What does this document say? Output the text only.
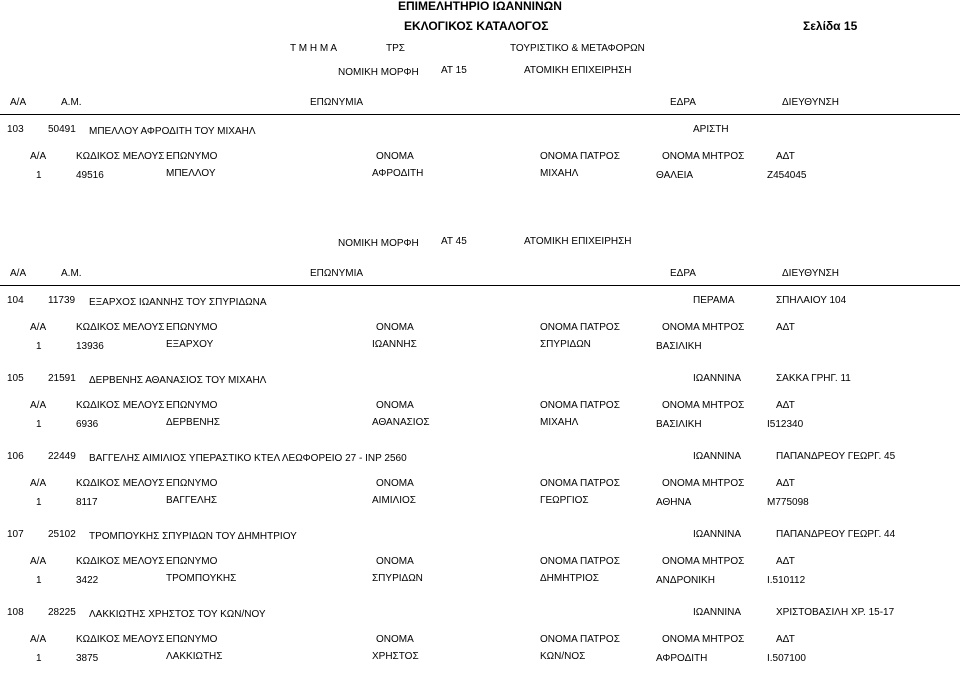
ΕΠΙΜΕΛΗΤΗΡΙΟ ΙΩΑΝΝΙΝΩΝ
ΕΚΛΟΓΙΚΟΣ ΚΑΤΑΛΟΓΟΣ	Σελίδα 15
Τ Μ Η Μ Α	ΤΡΣ	ΤΟΥΡΙΣΤΙΚΟ & ΜΕΤΑΦΟΡΩΝ
ΝΟΜΙΚΗ ΜΟΡΦΗ ΑΤ 15	ΑΤΟΜΙΚΗ ΕΠΙΧΕΙΡΗΣΗ
Α/Α	Α.Μ.	ΕΠΩΝΥΜΙΑ	ΕΔΡΑ	ΔΙΕΥΘΥΝΣΗ
103 50491 ΜΠΕΛΛΟΥ ΑΦΡΟΔΙΤΗ ΤΟΥ ΜΙΧΑΗΛ	ΑΡΙΣΤΗ
Α/Α	ΚΩΔΙΚΟΣ ΜΕΛΟΥΣ ΕΠΩΝΥΜΟ	ΟΝΟΜΑ	ΟΝΟΜΑ ΠΑΤΡΟΣ	ΟΝΟΜΑ ΜΗΤΡΟΣ	ΑΔΤ
1	49516	ΜΠΕΛΛΟΥ	ΑΦΡΟΔΙΤΗ	ΜΙΧΑΗΛ	ΘΑΛΕΙΑ	Ζ454045
ΝΟΜΙΚΗ ΜΟΡΦΗ ΑΤ 45	ΑΤΟΜΙΚΗ ΕΠΙΧΕΙΡΗΣΗ
Α/Α	Α.Μ.	ΕΠΩΝΥΜΙΑ	ΕΔΡΑ	ΔΙΕΥΘΥΝΣΗ
104 11739 ΕΞΑΡΧΟΣ ΙΩΑΝΝΗΣ ΤΟΥ ΣΠΥΡΙΔΩΝΑ	ΠΕΡΑΜΑ	ΣΠΗΛΑΙΟΥ 104
Α/Α	ΚΩΔΙΚΟΣ ΜΕΛΟΥΣ ΕΠΩΝΥΜΟ	ΟΝΟΜΑ	ΟΝΟΜΑ ΠΑΤΡΟΣ	ΟΝΟΜΑ ΜΗΤΡΟΣ	ΑΔΤ
1	13936	ΕΞΑΡΧΟΥ	ΙΩΑΝΝΗΣ	ΣΠΥΡΙΔΩΝ	ΒΑΣΙΛΙΚΗ
105 21591 ΔΕΡΒΕΝΗΣ ΑΘΑΝΑΣΙΟΣ ΤΟΥ ΜΙΧΑΗΛ	ΙΩΑΝΝΙΝΑ	ΣΑΚΚΑ ΓΡΗΓ. 11
Α/Α	ΚΩΔΙΚΟΣ ΜΕΛΟΥΣ ΕΠΩΝΥΜΟ	ΟΝΟΜΑ	ΟΝΟΜΑ ΠΑΤΡΟΣ	ΟΝΟΜΑ ΜΗΤΡΟΣ	ΑΔΤ
1	6936	ΔΕΡΒΕΝΗΣ	ΑΘΑΝΑΣΙΟΣ	ΜΙΧΑΗΛ	ΒΑΣΙΛΙΚΗ	Ι512340
106 22449 ΒΑΓΓΕΛΗΣ ΑΙΜΙΛΙΟΣ ΥΠΕΡΑΣΤΙΚΟ ΚΤΕΛ ΛΕΩΦΟΡΕΙΟ 27 - ΙΝΡ 2560	ΙΩΑΝΝΙΝΑ	ΠΑΠΑΝΔΡΕΟΥ ΓΕΩΡΓ. 45
Α/Α	ΚΩΔΙΚΟΣ ΜΕΛΟΥΣ ΕΠΩΝΥΜΟ	ΟΝΟΜΑ	ΟΝΟΜΑ ΠΑΤΡΟΣ	ΟΝΟΜΑ ΜΗΤΡΟΣ	ΑΔΤ
1	8117	ΒΑΓΓΕΛΗΣ	ΑΙΜΙΛΙΟΣ	ΓΕΩΡΓΙΟΣ	ΑΘΗΝΑ	Μ775098
107 25102 ΤΡΟΜΠΟΥΚΗΣ ΣΠΥΡΙΔΩΝ ΤΟΥ ΔΗΜΗΤΡΙΟΥ	ΙΩΑΝΝΙΝΑ	ΠΑΠΑΝΔΡΕΟΥ ΓΕΩΡΓ. 44
Α/Α	ΚΩΔΙΚΟΣ ΜΕΛΟΥΣ ΕΠΩΝΥΜΟ	ΟΝΟΜΑ	ΟΝΟΜΑ ΠΑΤΡΟΣ	ΟΝΟΜΑ ΜΗΤΡΟΣ	ΑΔΤ
1	3422	ΤΡΟΜΠΟΥΚΗΣ	ΣΠΥΡΙΔΩΝ	ΔΗΜΗΤΡΙΟΣ	ΑΝΔΡΟΝΙΚΗ	Ι.510112
108 28225 ΛΑΚΚΙΩΤΗΣ ΧΡΗΣΤΟΣ ΤΟΥ ΚΩΝ/ΝΟΥ	ΙΩΑΝΝΙΝΑ	ΧΡΙΣΤΟΒΑΣΙΛΗ ΧΡ. 15-17
Α/Α	ΚΩΔΙΚΟΣ ΜΕΛΟΥΣ ΕΠΩΝΥΜΟ	ΟΝΟΜΑ	ΟΝΟΜΑ ΠΑΤΡΟΣ	ΟΝΟΜΑ ΜΗΤΡΟΣ	ΑΔΤ
1	3875	ΛΑΚΚΙΩΤΗΣ	ΧΡΗΣΤΟΣ	ΚΩΝ/ΝΟΣ	ΑΦΡΟΔΙΤΗ	Ι.507100
